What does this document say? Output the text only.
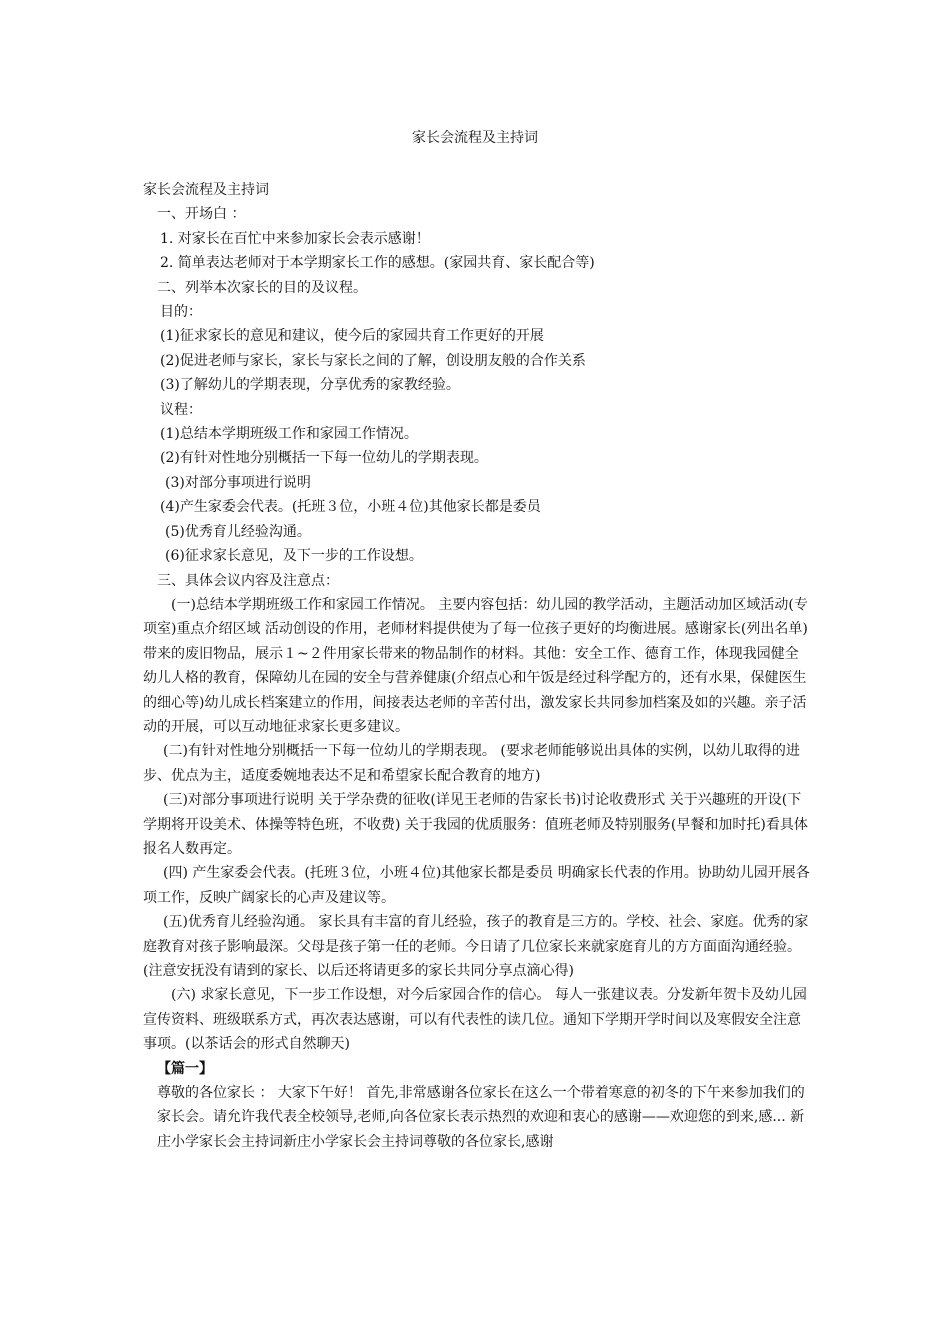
家长会流程及主持词

家长会流程及主持词

一、开场白 ：

1. 对家长在百忙中来参加家长会表示感谢！

2. 简单表达老师对于本学期家长工作的感想。(家园共育、家长配合等)

二、列举本次家长的目的及议程。

目的：

(1)征求家长的意见和建议，使今后的家园共育工作更好的开展

(2)促进老师与家长，家长与家长之间的了解，创设朋友般的合作关系

(3)了解幼儿的学期表现，分享优秀的家教经验。

议程：

(1)总结本学期班级工作和家园工作情况。

(2)有针对性地分别概括一下每一位幼儿的学期表现。

(3)对部分事项进行说明

(4)产生家委会代表。(托班３位，小班４位)其他家长都是委员

(5)优秀育儿经验沟通。

(6)征求家长意见，及下一步的工作设想。

三、具体会议内容及注意点：

(一)总结本学期班级工作和家园工作情况。 主要内容包括：幼儿园的教学活动，主题活动加区域活动(专项室)重点介绍区域 活动创设的作用，老师材料提供使为了每一位孩子更好的均衡进展。感谢家长(列出名单)带来的废旧物品，展示１~２件用家长带来的物品制作的材料。其他：安全工作、德育工作，体现我园健全幼儿人格的教育，保障幼儿在园的安全与营养健康(介绍点心和午饭是经过科学配方的，还有水果，保健医生的细心等)幼儿成长档案建立的作用，间接表达老师的辛苦付出，激发家长共同参加档案及如的兴趣。亲子活动的开展，可以互动地征求家长更多建议。

(二)有针对性地分别概括一下每一位幼儿的学期表现。 (要求老师能够说出具体的实例，以幼儿取得的进步、优点为主，适度委婉地表达不足和希望家长配合教育的地方)

(三)对部分事项进行说明 关于学杂费的征收(详见王老师的告家长书)讨论收费形式 关于兴趣班的开设(下学期将开设美术、体操等特色班，不收费) 关于我园的优质服务：值班老师及特别服务(早餐和加时托)看具体报名人数再定。

(四) 产生家委会代表。(托班３位，小班４位)其他家长都是委员 明确家长代表的作用。协助幼儿园开展各项工作，反映广阔家长的心声及建议等。

(五)优秀育儿经验沟通。 家长具有丰富的育儿经验，孩子的教育是三方的。学校、社会、家庭。优秀的家庭教育对孩子影响最深。父母是孩子第一任的老师。今日请了几位家长来就家庭育儿的方方面面沟通经验。(注意安抚没有请到的家长、以后还将请更多的家长共同分享点滴心得)

(六) 求家长意见，下一步工作设想，对今后家园合作的信心。 每人一张建议表。分发新年贺卡及幼儿园宣传资料、班级联系方式，再次表达感谢，可以有代表性的读几位。通知下学期开学时间以及寒假安全注意事项。(以茶话会的形式自然聊天)

【篇一】

尊敬的各位家长 ： 大家下午好！ 首先,非常感谢各位家长在这么一个带着寒意的初冬的下午来参加我们的家长会。请允许我代表全校领导,老师,向各位家长表示热烈的欢迎和衷心的感谢——欢迎您的到来,感... 新庄小学家长会主持词新庄小学家长会主持词尊敬的各位家长,感谢
